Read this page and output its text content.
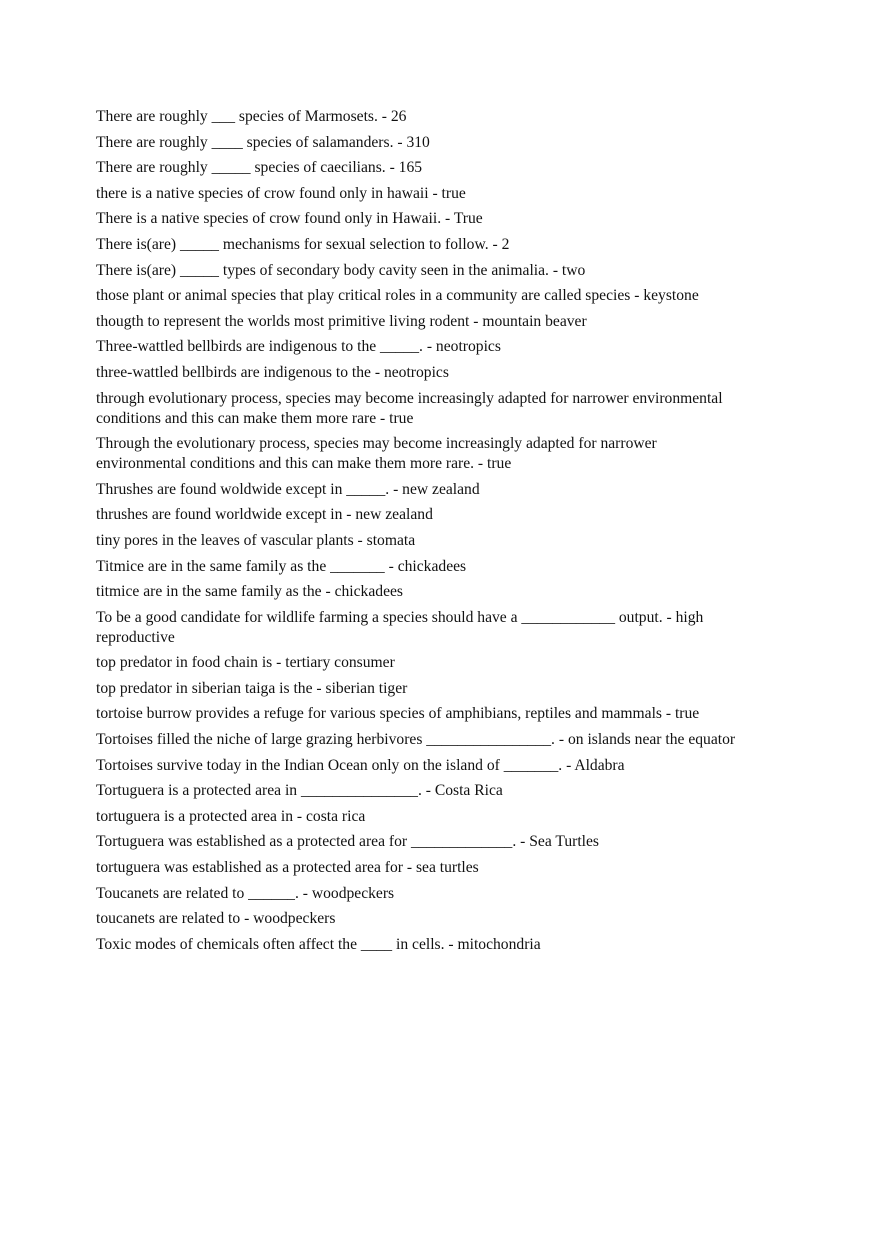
There are roughly ___ species of Marmosets. - 26

There are roughly ____ species of salamanders. - 310

There are roughly _____ species of caecilians. - 165

there is a native species of crow found only in hawaii - true

There is a native species of crow found only in Hawaii. - True

There is(are) _____ mechanisms for sexual selection to follow. - 2

There is(are) _____ types of secondary body cavity seen in the animalia. - two

those plant or animal species that play critical roles in a community are called species - keystone

thougth to represent the worlds most primitive living rodent - mountain beaver

Three-wattled bellbirds are indigenous to the _____. - neotropics

three-wattled bellbirds are indigenous to the - neotropics

through evolutionary process, species may become increasingly adapted for narrower environmental conditions and this can make them more rare - true

Through the evolutionary process, species may become increasingly adapted for narrower environmental conditions and this can make them more rare. - true

Thrushes are found woldwide except in _____. - new zealand

thrushes are found worldwide except in - new zealand

tiny pores in the leaves of vascular plants - stomata

Titmice are in the same family as the _______ - chickadees

titmice are in the same family as the - chickadees

To be a good candidate for wildlife farming a species should have a ____________ output. - high reproductive

top predator in food chain is - tertiary consumer

top predator in siberian taiga is the - siberian tiger

tortoise burrow provides a refuge for various species of amphibians, reptiles and mammals - true

Tortoises filled the niche of large grazing herbivores ________________. - on islands near the equator

Tortoises survive today in the Indian Ocean only on the island of _______. - Aldabra

Tortuguera is a protected area in _______________. - Costa Rica

tortuguera is a protected area in - costa rica

Tortuguera was established as a protected area for _____________. - Sea Turtles

tortuguera was established as a protected area for - sea turtles

Toucanets are related to ______. - woodpeckers

toucanets are related to - woodpeckers

Toxic modes of chemicals often affect the ____ in cells. - mitochondria
